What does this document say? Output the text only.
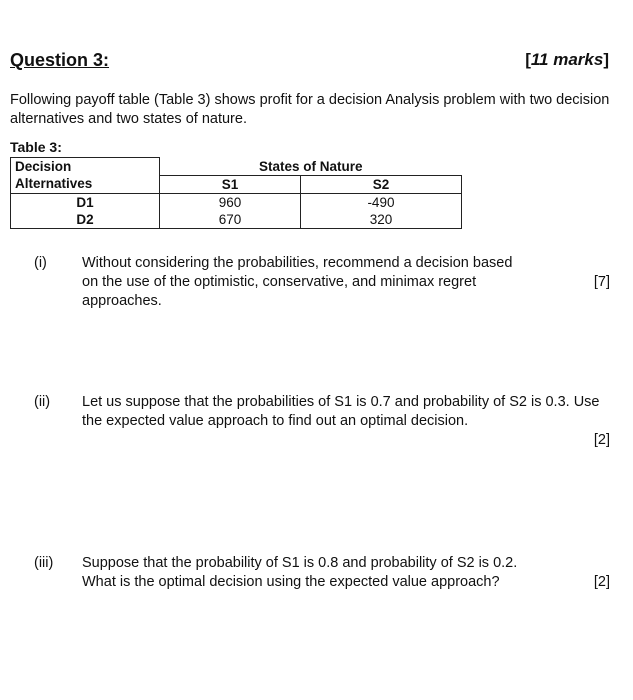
Question 3:	[11 marks]
Following payoff table (Table 3) shows profit for a decision Analysis problem with two decision alternatives and two states of nature.
Table 3:
Decision	States of Nature	
Alternatives	S1	S2
D1	960	-490
D2	670	320
(i) Without considering the probabilities, recommend a decision based on the use of the optimistic, conservative, and minimax regret approaches.
[7]
(ii) Let us suppose that the probabilities of S1 is 0.7 and probability of S2 is 0.3. Use the expected value approach to find out an optimal decision.
[2]
(iii) Suppose that the probability of S1 is 0.8 and probability of S2 is 0.2. What is the optimal decision using the expected value approach?	[2]
